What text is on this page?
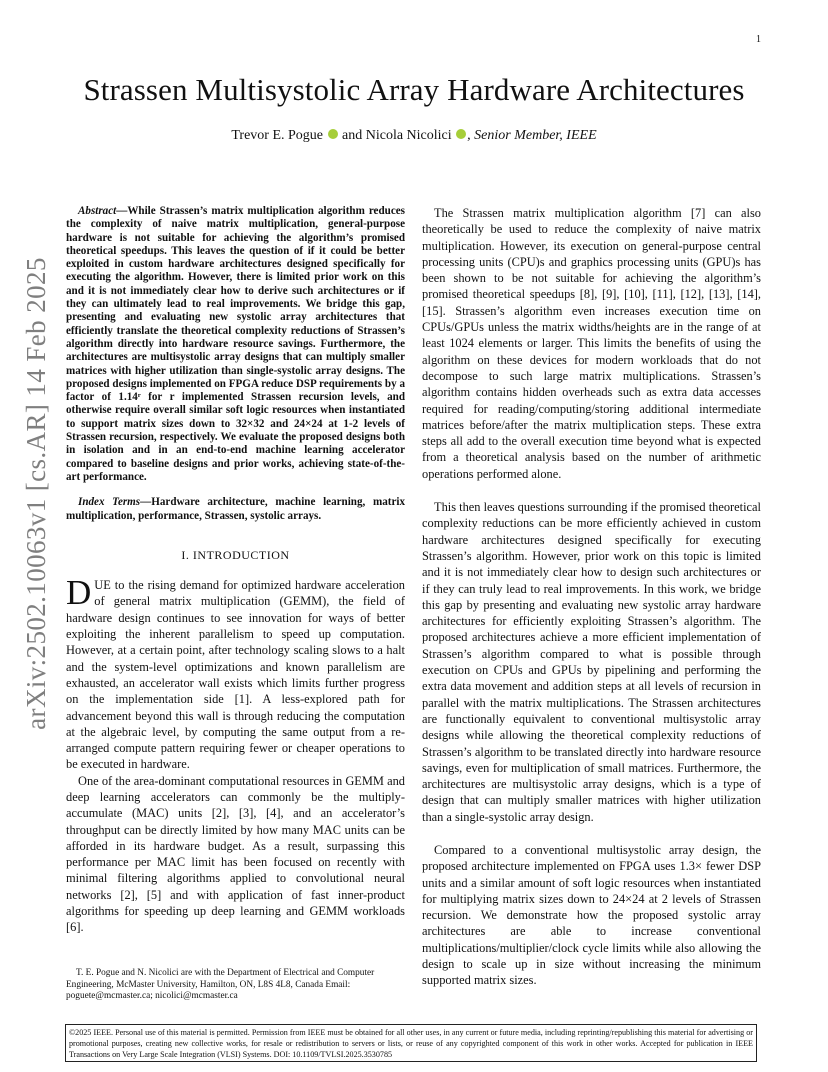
1
arXiv:2502.10063v1 [cs.AR] 14 Feb 2025
Strassen Multisystolic Array Hardware Architectures
Trevor E. Pogue and Nicola Nicolici , Senior Member, IEEE

Abstract—While Strassen’s matrix multiplication algorithm reduces the complexity of naive matrix multiplication, general-purpose hardware is not suitable for achieving the algorithm’s promised theoretical speedups. This leaves the question of if it could be better exploited in custom hardware architectures designed specifically for executing the algorithm. However, there is limited prior work on this and it is not immediately clear how to derive such architectures or if they can ultimately lead to real improvements. We bridge this gap, presenting and evaluating new systolic array architectures that efficiently translate the theoretical complexity reductions of Strassen’s algorithm directly into hardware resource savings. Furthermore, the architectures are multisystolic array designs that can multiply smaller matrices with higher utilization than single-systolic array designs. The proposed designs implemented on FPGA reduce DSP requirements by a factor of 1.14ʳ for r implemented Strassen recursion levels, and otherwise require overall similar soft logic resources when instantiated to support matrix sizes down to 32×32 and 24×24 at 1-2 levels of Strassen recursion, respectively. We evaluate the proposed designs both in isolation and in an end-to-end machine learning accelerator compared to baseline designs and prior works, achieving state-of-the-art performance.

Index Terms—Hardware architecture, machine learning, matrix multiplication, performance, Strassen, systolic arrays.

I. INTRODUCTION

DUE to the rising demand for optimized hardware acceleration of general matrix multiplication (GEMM), the field of hardware design continues to see innovation for ways of better exploiting the inherent parallelism to speed up computation. However, at a certain point, after technology scaling slows to a halt and the system-level optimizations and known parallelism are exhausted, an accelerator wall exists which limits further progress on the implementation side [1]. A less-explored path for advancement beyond this wall is through reducing the computation at the algebraic level, by computing the same output from a re-arranged compute pattern requiring fewer or cheaper operations to be executed in hardware.

One of the area-dominant computational resources in GEMM and deep learning accelerators can commonly be the multiply-accumulate (MAC) units [2], [3], [4], and an accelerator’s throughput can be directly limited by how many MAC units can be afforded in its hardware budget. As a result, surpassing this performance per MAC limit has been focused on recently with minimal filtering algorithms applied to convolutional neural networks [2], [5] and with application of fast inner-product algorithms for speeding up deep learning and GEMM workloads [6].

T. E. Pogue and N. Nicolici are with the Department of Electrical and Computer Engineering, McMaster University, Hamilton, ON, L8S 4L8, Canada Email: poguete@mcmaster.ca; nicolici@mcmaster.ca

The Strassen matrix multiplication algorithm [7] can also theoretically be used to reduce the complexity of naive matrix multiplication. However, its execution on general-purpose central processing units (CPU)s and graphics processing units (GPU)s has been shown to be not suitable for achieving the algorithm’s promised theoretical speedups [8], [9], [10], [11], [12], [13], [14], [15]. Strassen’s algorithm even increases execution time on CPUs/GPUs unless the matrix widths/heights are in the range of at least 1024 elements or larger. This limits the benefits of using the algorithm on these devices for modern workloads that do not decompose to such large matrix multiplications. Strassen’s algorithm contains hidden overheads such as extra data accesses required for reading/computing/storing additional intermediate matrices before/after the matrix multiplication steps. These extra steps all add to the overall execution time beyond what is expected from a theoretical analysis based on the number of arithmetic operations performed alone.

This then leaves questions surrounding if the promised theoretical complexity reductions can be more efficiently achieved in custom hardware architectures designed specifically for executing Strassen’s algorithm. However, prior work on this topic is limited and it is not immediately clear how to design such architectures or if they can truly lead to real improvements. In this work, we bridge this gap by presenting and evaluating new systolic array hardware architectures for efficiently exploiting Strassen’s algorithm. The proposed architectures achieve a more efficient implementation of Strassen’s algorithm compared to what is possible through execution on CPUs and GPUs by pipelining and performing the extra data movement and addition steps at all levels of recursion in parallel with the matrix multiplications. The Strassen architectures are functionally equivalent to conventional multisystolic array designs while allowing the theoretical complexity reductions of Strassen’s algorithm to be translated directly into hardware resource savings, even for multiplication of small matrices. Furthermore, the architectures are multisystolic array designs, which is a type of design that can multiply smaller matrices with higher utilization than a single-systolic array design.

Compared to a conventional multisystolic array design, the proposed architecture implemented on FPGA uses 1.3× fewer DSP units and a similar amount of soft logic resources when instantiated for multiplying matrix sizes down to 24×24 at 2 levels of Strassen recursion. We demonstrate how the proposed systolic array architectures are able to increase conventional multiplications/multiplier/clock cycle limits while also allowing the design to scale up in size without increasing the minimum supported matrix sizes.

©2025 IEEE. Personal use of this material is permitted. Permission from IEEE must be obtained for all other uses, in any current or future media, including reprinting/republishing this material for advertising or promotional purposes, creating new collective works, for resale or redistribution to servers or lists, or reuse of any copyrighted component of this work in other works. Accepted for publication in IEEE Transactions on Very Large Scale Integration (VLSI) Systems. DOI: 10.1109/TVLSI.2025.3530785
